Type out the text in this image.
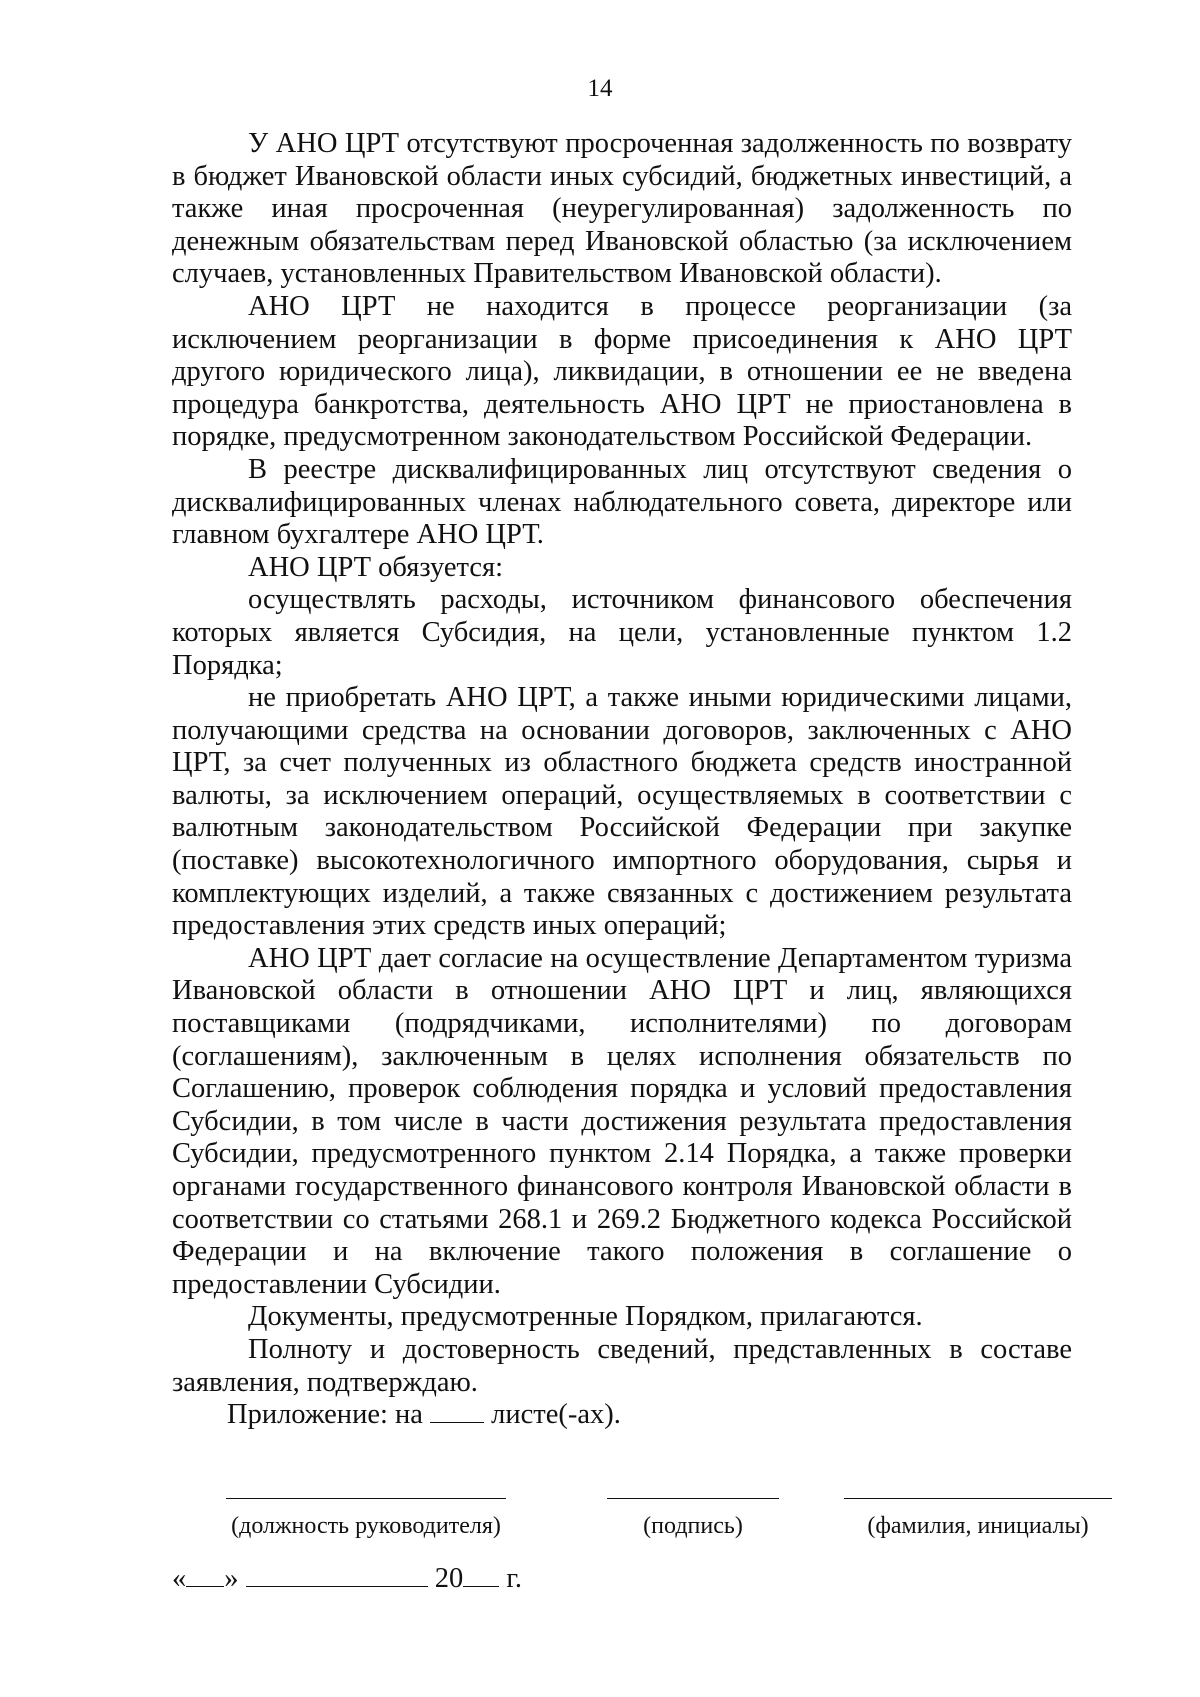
14

У АНО ЦРТ отсутствуют просроченная задолженность по возврату в бюджет Ивановской области иных субсидий, бюджетных инвестиций, а также иная просроченная (неурегулированная) задолженность по денежным обязательствам перед Ивановской областью (за исключением случаев, установленных Правительством Ивановской области).

АНО ЦРТ не находится в процессе реорганизации (за исключением реорганизации в форме присоединения к АНО ЦРТ другого юридического лица), ликвидации, в отношении ее не введена процедура банкротства, деятельность АНО ЦРТ не приостановлена в порядке, предусмотренном законодательством Российской Федерации.

В реестре дисквалифицированных лиц отсутствуют сведения о дисквалифицированных членах наблюдательного совета, директоре или главном бухгалтере АНО ЦРТ.

АНО ЦРТ обязуется:

осуществлять расходы, источником финансового обеспечения которых является Субсидия, на цели, установленные пунктом 1.2 Порядка;

не приобретать АНО ЦРТ, а также иными юридическими лицами, получающими средства на основании договоров, заключенных с АНО ЦРТ, за счет полученных из областного бюджета средств иностранной валюты, за исключением операций, осуществляемых в соответствии с валютным законодательством Российской Федерации при закупке (поставке) высокотехнологичного импортного оборудования, сырья и комплектующих изделий, а также связанных с достижением результата предоставления этих средств иных операций;

АНО ЦРТ дает согласие на осуществление Департаментом туризма Ивановской области в отношении АНО ЦРТ и лиц, являющихся поставщиками (подрядчиками, исполнителями) по договорам (соглашениям), заключенным в целях исполнения обязательств по Соглашению, проверок соблюдения порядка и условий предоставления Субсидии, в том числе в части достижения результата предоставления Субсидии, предусмотренного пунктом 2.14 Порядка, а также проверки органами государственного финансового контроля Ивановской области в соответствии со статьями 268.1 и 269.2 Бюджетного кодекса Российской Федерации и на включение такого положения в соглашение о предоставлении Субсидии.

Документы, предусмотренные Порядком, прилагаются.

Полноту и достоверность сведений, представленных в составе заявления, подтверждаю.

Приложение: на листе(-ах).

(должность руководителя)	(подпись)	(фамилия, инициалы)
« »	20 г.
